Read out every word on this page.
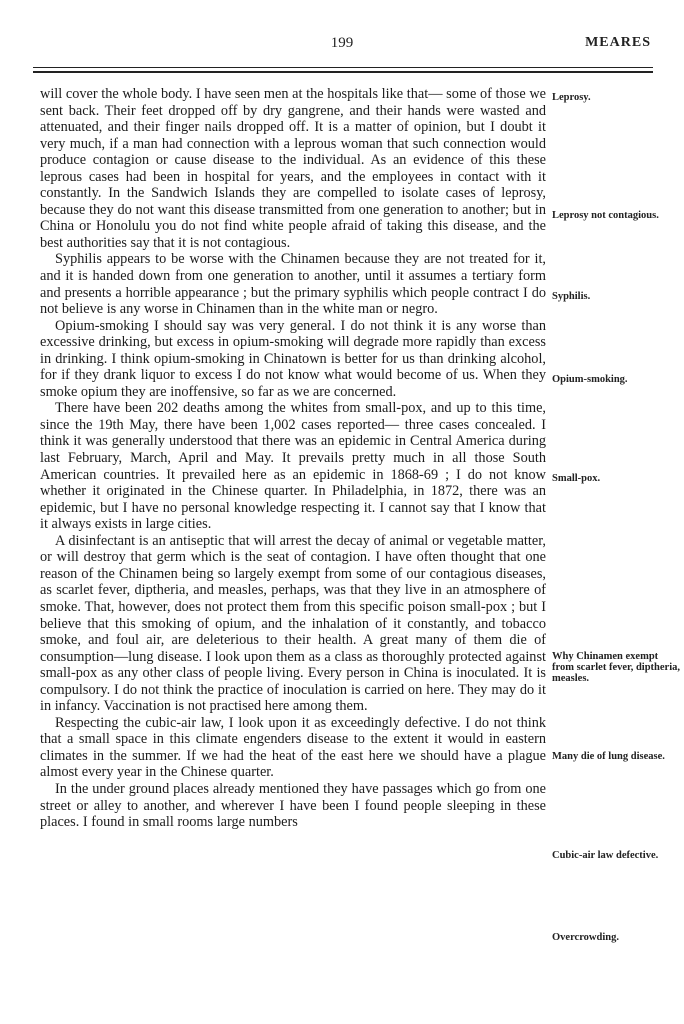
199	MEARES

will cover the whole body. I have seen men at the hospitals like that— some of those we sent back. Their feet dropped off by dry gangrene, and their hands were wasted and attenuated, and their finger nails dropped off. It is a matter of opinion, but I doubt it very much, if a man had connection with a leprous woman that such connection would produce contagion or cause disease to the individual. As an evidence of this these leprous cases had been in hospital for years, and the employees in contact with it constantly. In the Sandwich Islands they are compelled to isolate cases of leprosy, because they do not want this disease transmitted from one generation to another; but in China or Honolulu you do not find white people afraid of taking this disease, and the best authorities say that it is not contagious.

Syphilis appears to be worse with the Chinamen because they are not treated for it, and it is handed down from one generation to another, until it assumes a tertiary form and presents a horrible appearance ; but the primary syphilis which people contract I do not believe is any worse in Chinamen than in the white man or negro.

Opium-smoking I should say was very general. I do not think it is any worse than excessive drinking, but excess in opium-smoking will degrade more rapidly than excess in drinking. I think opium-smoking in Chinatown is better for us than drinking alcohol, for if they drank liquor to excess I do not know what would become of us. When they smoke opium they are inoffensive, so far as we are concerned.

There have been 202 deaths among the whites from small-pox, and up to this time, since the 19th May, there have been 1,002 cases reported— three cases concealed. I think it was generally understood that there was an epidemic in Central America during last February, March, April and May. It prevails pretty much in all those South American countries. It prevailed here as an epidemic in 1868-69 ; I do not know whether it originated in the Chinese quarter. In Philadelphia, in 1872, there was an epidemic, but I have no personal knowledge respecting it. I cannot say that I know that it always exists in large cities.

A disinfectant is an antiseptic that will arrest the decay of animal or vegetable matter, or will destroy that germ which is the seat of contagion. I have often thought that one reason of the Chinamen being so largely exempt from some of our contagious diseases, as scarlet fever, diptheria, and measles, perhaps, was that they live in an atmosphere of smoke. That, however, does not protect them from this specific poison small-pox ; but I believe that this smoking of opium, and the inhalation of it constantly, and tobacco smoke, and foul air, are deleterious to their health. A great many of them die of consumption—lung disease. I look upon them as a class as thoroughly protected against small-pox as any other class of people living. Every person in China is inoculated. It is compulsory. I do not think the practice of inoculation is carried on here. They may do it in infancy. Vaccination is not practised here among them.

Respecting the cubic-air law, I look upon it as exceedingly defective. I do not think that a small space in this climate engenders disease to the extent it would in eastern climates in the summer. If we had the heat of the east here we should have a plague almost every year in the Chinese quarter.

In the under ground places already mentioned they have passages which go from one street or alley to another, and wherever I have been I found people sleeping in these places. I found in small rooms large numbers

Leprosy.
Leprosy not contagious.
Syphilis.
Opium-smoking.
Small-pox.
Why Chinamen exempt from scarlet fever, diptheria, measles.
Many die of lung disease.
Cubic-air law defective.
Overcrowding.
